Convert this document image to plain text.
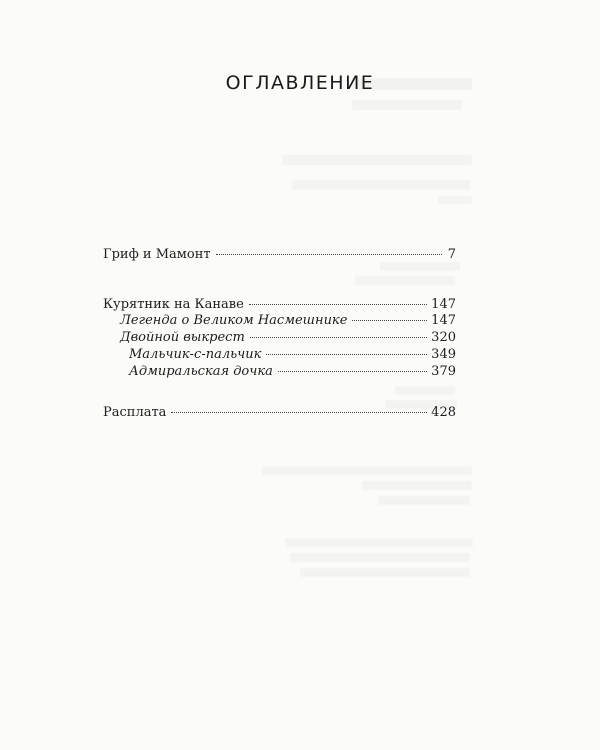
ОГЛАВЛЕНИЕ
Гриф и Мамонт	7
Курятник на Канаве	147
Легенда о Великом Насмешнике	147
Двойной выкрест	320
Мальчик-с-пальчик	349
Адмиральская дочка	379
Расплата	428
